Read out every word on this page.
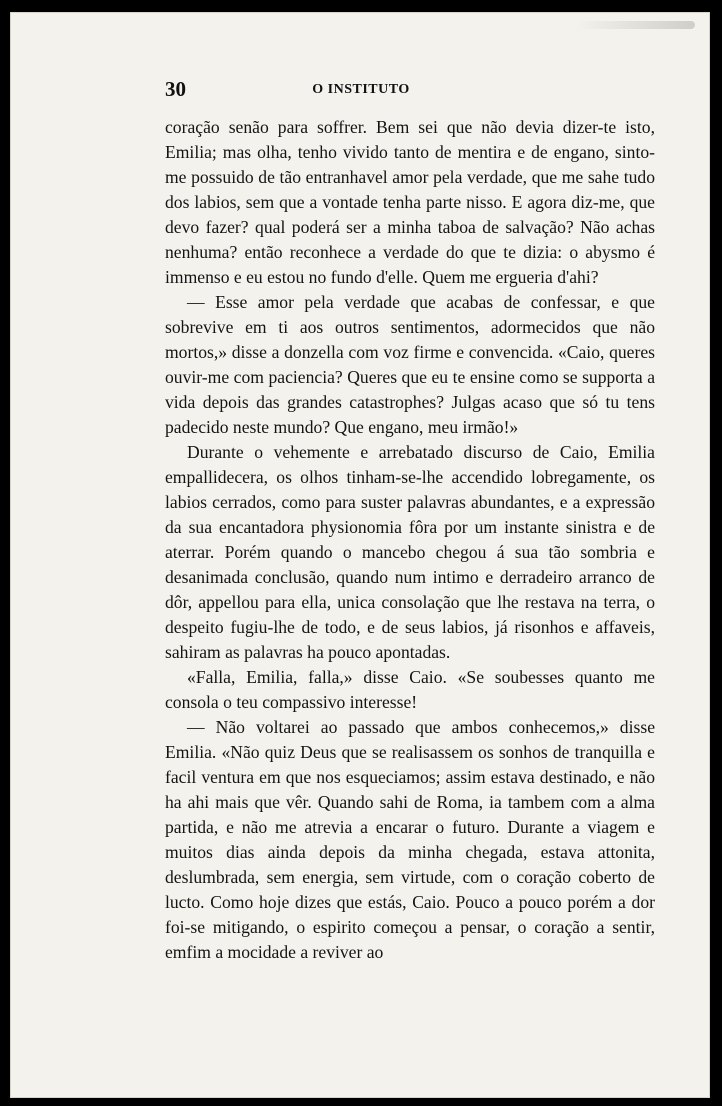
30	O INSTITUTO

coração senão para soffrer. Bem sei que não devia dizer-te isto, Emilia; mas olha, tenho vivido tanto de mentira e de engano, sinto-me possuido de tão entranhavel amor pela verdade, que me sahe tudo dos labios, sem que a vontade tenha parte nisso. E agora diz-me, que devo fazer? qual poderá ser a minha taboa de salvação? Não achas nenhuma? então reconhece a verdade do que te dizia: o abysmo é immenso e eu estou no fundo d'elle. Quem me ergueria d'ahi?

— Esse amor pela verdade que acabas de confessar, e que sobrevive em ti aos outros sentimentos, adormecidos que não mortos,» disse a donzella com voz firme e convencida. «Caio, queres ouvir-me com paciencia? Queres que eu te ensine como se supporta a vida depois das grandes catastrophes? Julgas acaso que só tu tens padecido neste mundo? Que engano, meu irmão!»

Durante o vehemente e arrebatado discurso de Caio, Emilia empallidecera, os olhos tinham-se-lhe accendido lobregamente, os labios cerrados, como para suster palavras abundantes, e a expressão da sua encantadora physionomia fôra por um instante sinistra e de aterrar. Porém quando o mancebo chegou á sua tão sombria e desanimada conclusão, quando num intimo e derradeiro arranco de dôr, appellou para ella, unica consolação que lhe restava na terra, o despeito fugiu-lhe de todo, e de seus labios, já risonhos e affaveis, sahiram as palavras ha pouco apontadas.

«Falla, Emilia, falla,» disse Caio. «Se soubesses quanto me consola o teu compassivo interesse!

— Não voltarei ao passado que ambos conhecemos,» disse Emilia. «Não quiz Deus que se realisassem os sonhos de tranquilla e facil ventura em que nos esqueciamos; assim estava destinado, e não ha ahi mais que vêr. Quando sahi de Roma, ia tambem com a alma partida, e não me atrevia a encarar o futuro. Durante a viagem e muitos dias ainda depois da minha chegada, estava attonita, deslumbrada, sem energia, sem virtude, com o coração coberto de lucto. Como hoje dizes que estás, Caio. Pouco a pouco porém a dor foi-se mitigando, o espirito começou a pensar, o coração a sentir, emfim a mocidade a reviver ao
